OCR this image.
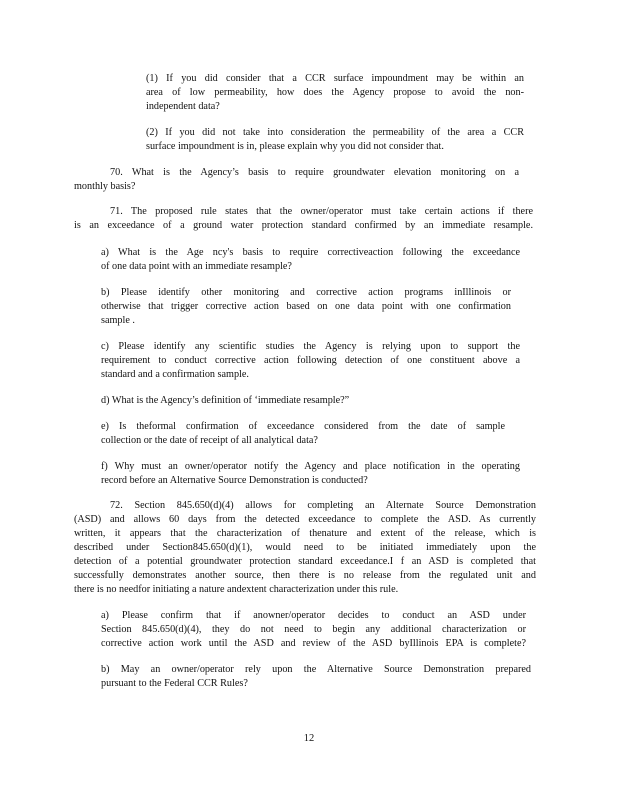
(1) If you did consider that a CCR surface impoundment may be within an
area of low permeability, how does the Agency propose to avoid the non-
independent data?

(2) If you did not take into consideration the permeability of the area a CCR
surface impoundment is in, please explain why you did not consider that.

70. What is the Agency’s basis to require groundwater elevation monitoring on a
monthly basis?

71. The proposed rule states that the owner/operator must take certain actions if there
is an exceedance of a ground water protection standard confirmed by an immediate resample.

a) What is the Age ncy's basis to require correctiveaction following the exceedance
of one data point with an immediate resample?

b) Please identify other monitoring and corrective action programs inIllinois or
otherwise that trigger corrective action based on one data point with one confirmation
sample .

c) Please identify any scientific studies the Agency is relying upon to support the
requirement to conduct corrective action following detection of one constituent above a
standard and a confirmation sample.

d) What is the Agency’s definition of ‘immediate resample?”

e) Is theformal confirmation of exceedance considered from the date of sample
collection or the date of receipt of all analytical data?

f) Why must an owner/operator notify the Agency and place notification in the operating
record before an Alternative Source Demonstration is conducted?

72. Section 845.650(d)(4) allows for completing an Alternate Source Demonstration
(ASD) and allows 60 days from the detected exceedance to complete the ASD. As currently
written, it appears that the characterization of thenature and extent of the release, which is
described under Section845.650(d)(1), would need to be initiated immediately upon the
detection of a potential groundwater protection standard exceedance.I f an ASD is completed that
successfully demonstrates another source, then there is no release from the regulated unit and
there is no needfor initiating a nature andextent characterization under this rule.

a) Please confirm that if anowner/operator decides to conduct an ASD under
Section 845.650(d)(4), they do not need to begin any additional characterization or
corrective action work until the ASD and review of the ASD byIllinois EPA is complete?

b) May an owner/operator rely upon the Alternative Source Demonstration prepared
pursuant to the Federal CCR Rules?

12
